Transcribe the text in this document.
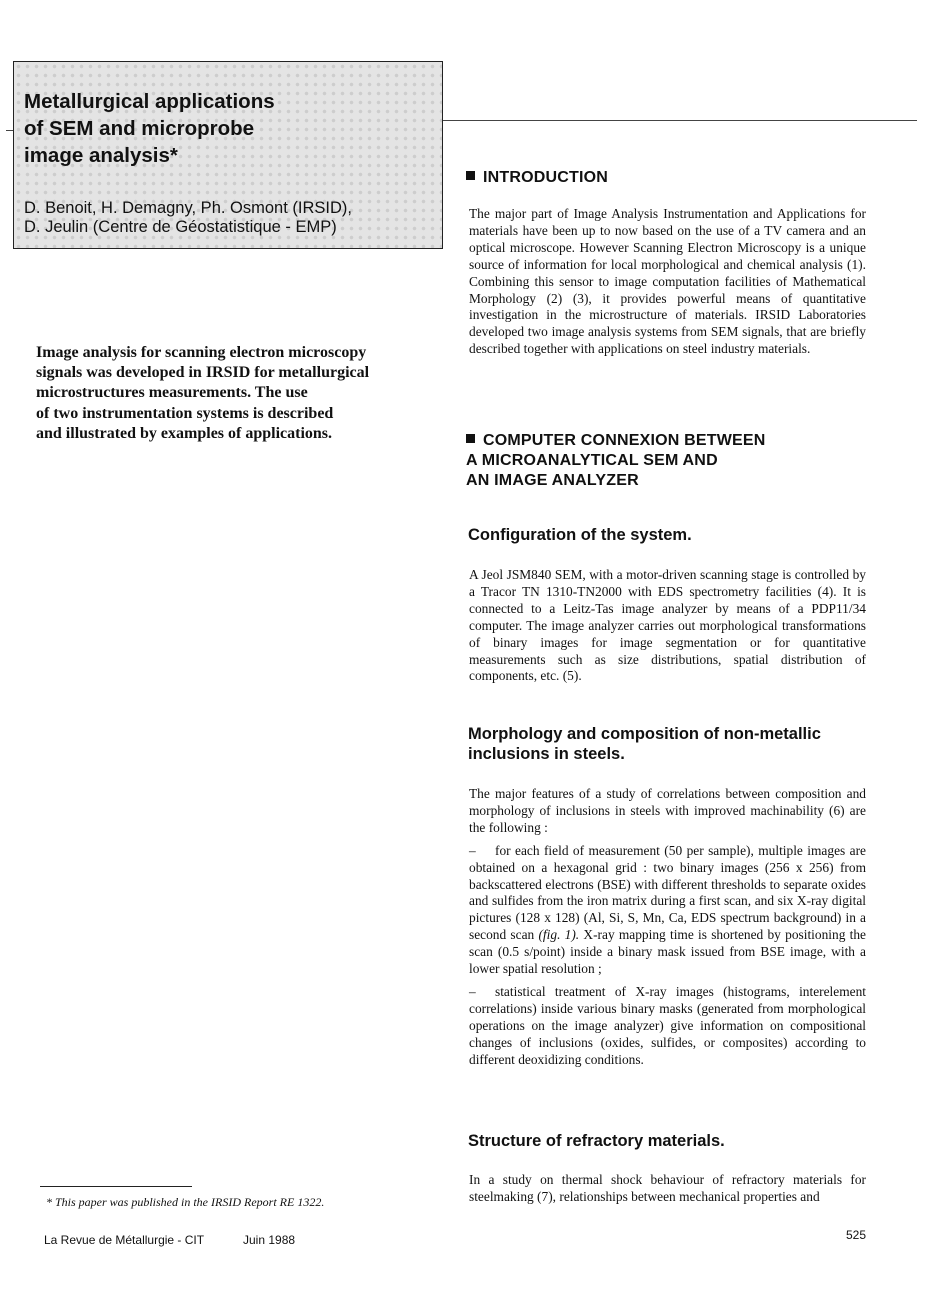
Metallurgical applications
of SEM and microprobe
image analysis*
D. Benoit, H. Demagny, Ph. Osmont (IRSID),
D. Jeulin (Centre de Géostatistique - EMP)
Image analysis for scanning electron microscopy
signals was developed in IRSID for metallurgical
microstructures measurements. The use
of two instrumentation systems is described
and illustrated by examples of applications.
INTRODUCTION

The major part of Image Analysis Instrumentation and Applications for materials have been up to now based on the use of a TV camera and an optical microscope. However Scanning Electron Microscopy is a unique source of information for local morphological and chemical analysis (1). Combining this sensor to image computation facilities of Mathematical Morphology (2) (3), it provides powerful means of quantitative investigation in the microstructure of materials. IRSID Laboratories developed two image analysis systems from SEM signals, that are briefly described together with applications on steel industry materials.

COMPUTER CONNEXION BETWEEN
A MICROANALYTICAL SEM AND
AN IMAGE ANALYZER
Configuration of the system.

A Jeol JSM840 SEM, with a motor-driven scanning stage is controlled by a Tracor TN 1310-TN2000 with EDS spectrometry facilities (4). It is connected to a Leitz-Tas image analyzer by means of a PDP11/34 computer. The image analyzer carries out morphological transformations of binary images for image segmentation or for quantitative measurements such as size distributions, spatial distribution of components, etc. (5).

Morphology and composition of non-metallic
inclusions in steels.

The major features of a study of correlations between composition and morphology of inclusions in steels with improved machinability (6) are the following :

– for each field of measurement (50 per sample), multiple images are obtained on a hexagonal grid : two binary images (256 x 256) from backscattered electrons (BSE) with different thresholds to separate oxides and sulfides from the iron matrix during a first scan, and six X-ray digital pictures (128 x 128) (Al, Si, S, Mn, Ca, EDS spectrum background) in a second scan (fig. 1). X-ray mapping time is shortened by positioning the scan (0.5 s/point) inside a binary mask issued from BSE image, with a lower spatial resolution ;

– statistical treatment of X-ray images (histograms, interelement correlations) inside various binary masks (generated from morphological operations on the image analyzer) give information on compositional changes of inclusions (oxides, sulfides, or composites) according to different deoxidizing conditions.

Structure of refractory materials.

In a study on thermal shock behaviour of refractory materials for steelmaking (7), relationships between mechanical properties and

* This paper was published in the IRSID Report RE 1322.
La Revue de Métallurgie - CIT	Juin 1988	525
